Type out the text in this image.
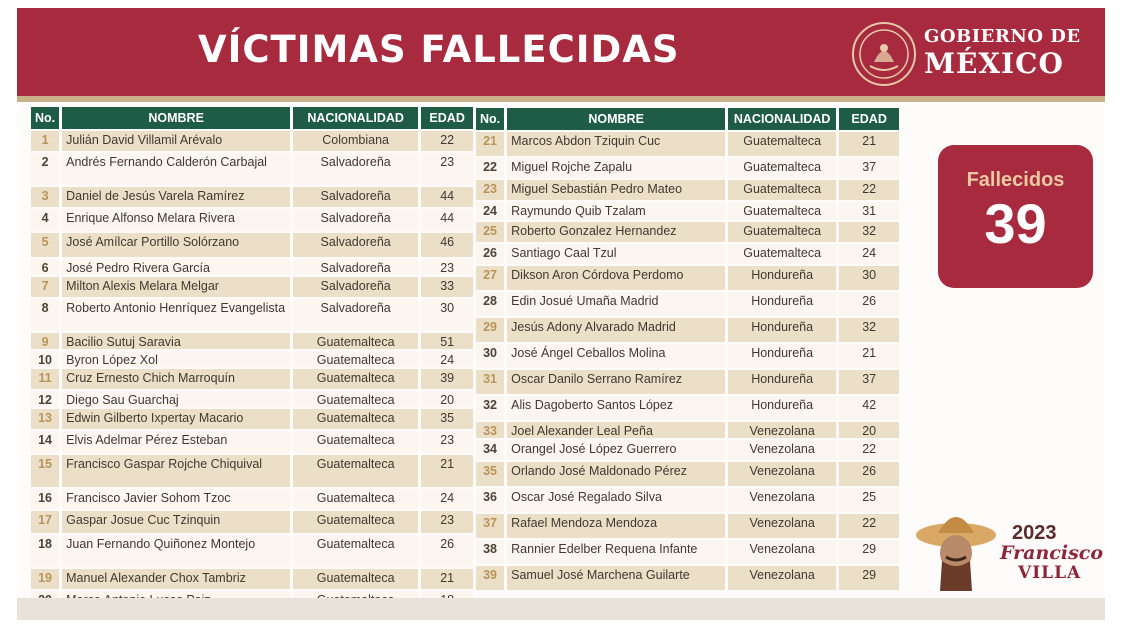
VÍCTIMAS FALLECIDAS	GOBIERNO DE
MÉXICO
No.	NOMBRE	NACIONALIDAD	EDAD
1	Julián David Villamil Arévalo	Colombiana	22
2	Andrés Fernando Calderón Carbajal	Salvadoreña	23
3	Daniel de Jesús Varela Ramírez	Salvadoreña	44
4	Enrique Alfonso Melara Rivera	Salvadoreña	44
5	José Amílcar Portillo Solórzano	Salvadoreña	46
6	José Pedro Rivera García	Salvadoreña	23
7	Milton Alexis Melara Melgar	Salvadoreña	33
8	Roberto Antonio Henríquez Evangelista	Salvadoreña	30
9	Bacilio Sutuj Saravia	Guatemalteca	51
10	Byron López Xol	Guatemalteca	24
11	Cruz Ernesto Chich Marroquín	Guatemalteca	39
12	Diego Sau Guarchaj	Guatemalteca	20
13	Edwin Gilberto Ixpertay Macario	Guatemalteca	35
14	Elvis Adelmar Pérez Esteban	Guatemalteca	23
15	Francisco Gaspar Rojche Chiquival	Guatemalteca	21
16	Francisco Javier Sohom Tzoc	Guatemalteca	24
17	Gaspar Josue Cuc Tzinquin	Guatemalteca	23
18	Juan Fernando Quiñonez Montejo	Guatemalteca	26
19	Manuel Alexander Chox Tambriz	Guatemalteca	21

No.	NOMBRE	NACIONALIDAD	EDAD
21	Marcos Abdon Tziquin Cuc	Guatemalteca	21
22	Miguel Rojche Zapalu	Guatemalteca	37
23	Miguel Sebastián Pedro Mateo	Guatemalteca	22
24	Raymundo Quib Tzalam	Guatemalteca	31
25	Roberto Gonzalez Hernandez	Guatemalteca	32
26	Santiago Caal Tzul	Guatemalteca	24
27	Dikson Aron Córdova Perdomo	Hondureña	30
28	Edin Josué Umaña Madrid	Hondureña	26
29	Jesús Adony Alvarado Madrid	Hondureña	32
30	José Ángel Ceballos Molina	Hondureña	21
31	Oscar Danilo Serrano Ramírez	Hondureña	37
32	Alis Dagoberto Santos López	Hondureña	42
33	Joel Alexander Leal Peña	Venezolana	20
34	Orangel José López Guerrero	Venezolana	22
35	Orlando José Maldonado Pérez	Venezolana	26
36	Oscar José Regalado Silva	Venezolana	25
37	Rafael Mendoza Mendoza	Venezolana	22
38	Rannier Edelber Requena Infante	Venezolana	29
39	Samuel José Marchena Guilarte	Venezolana	29
Fallecidos
39
2023
Francisco
VILLA
